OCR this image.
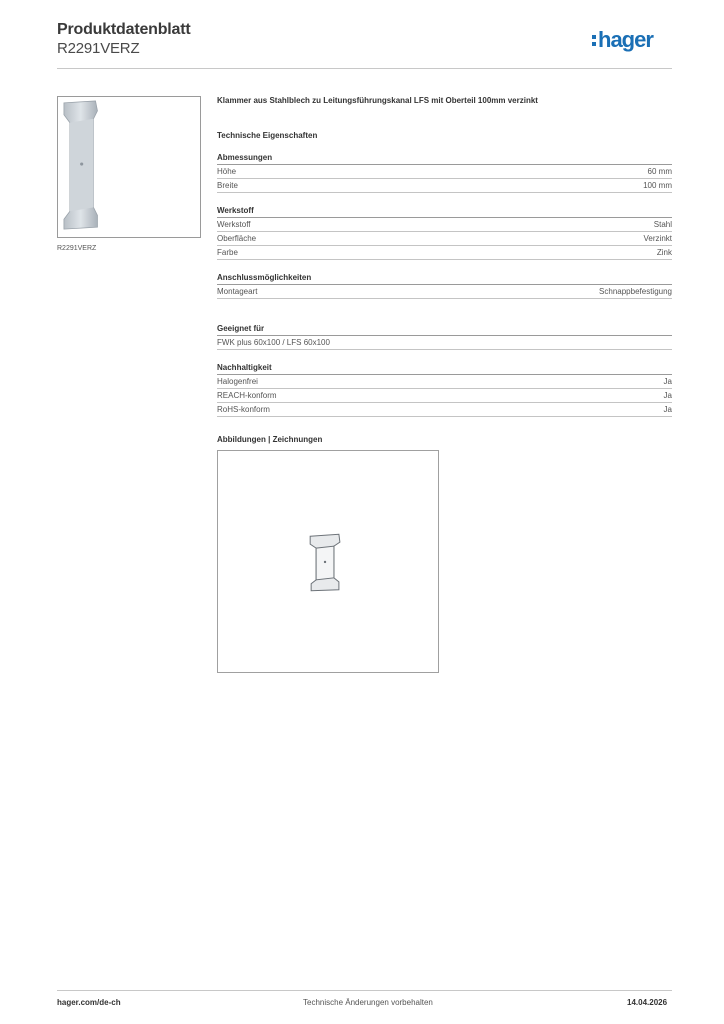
Produktdatenblatt
R2291VERZ	hager
R2291VERZ
Klammer aus Stahlblech zu Leitungsführungskanal LFS mit Oberteil 100mm verzinkt
Technische Eigenschaften
Abmessungen
Höhe	60 mm
Breite	100 mm
Werkstoff
Werkstoff	Stahl
Oberfläche	Verzinkt
Farbe	Zink
Anschlussmöglichkeiten
Montageart	Schnappbefestigung
Geeignet für
FWK plus 60x100 / LFS 60x100
Nachhaltigkeit
Halogenfrei	Ja
REACH-konform	Ja
RoHS-konform	Ja
Abbildungen | Zeichnungen
hager.com/de-ch	Technische Änderungen vorbehalten	14.04.2026
